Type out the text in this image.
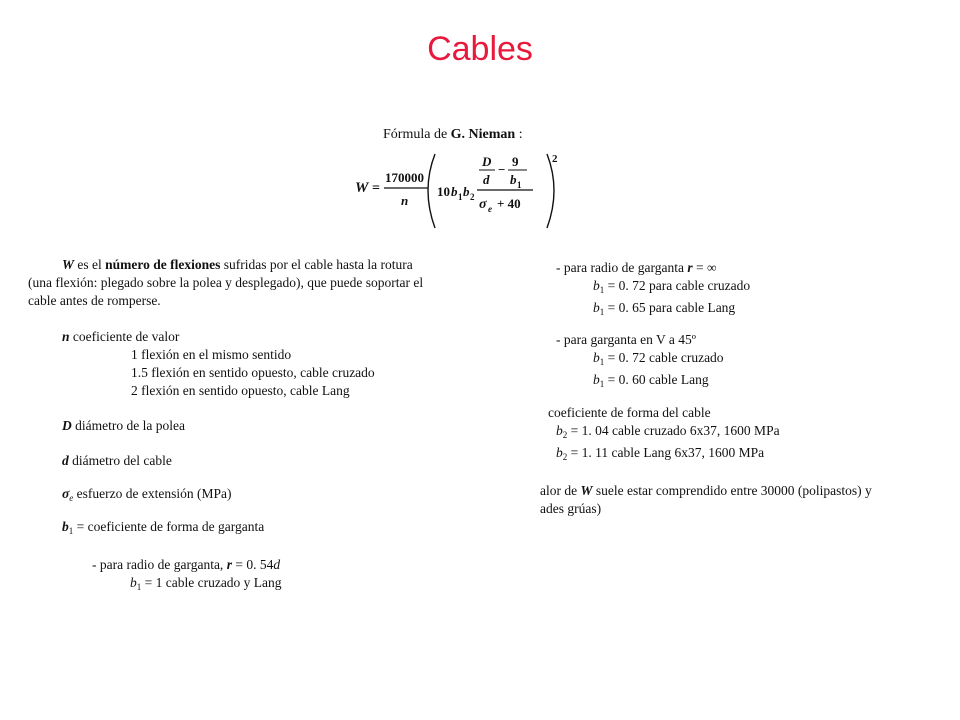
Cables
Fórmula de G. Nieman :
W =
170000
n
10 b 1 b 2
D
d
−
9
b 1
σ e + 40
2
W es el número de flexiones sufridas por el cable hasta la rotura
(una flexión: plegado sobre la polea y desplegado), que puede soportar el
cable antes de romperse.
n coeficiente de valor
1 flexión en el mismo sentido
1.5 flexión en sentido opuesto, cable cruzado
2 flexión en sentido opuesto, cable Lang
D diámetro de la polea
d diámetro del cable
$\sigma_e$ esfuerzo de extensión (MPa)
$b_1$ = coeficiente de forma de garganta
- para radio de garganta, r = 0. 54d
$b_1 = 1$ cable cruzado y Lang
- para radio de garganta r = ∞
$b_1 = 0$. 72 para cable cruzado
$b_1 = 0$. 65 para cable Lang
- para garganta en V a 45º
$b_1 = 0$. 72 cable cruzado
$b_1 = 0$. 60 cable Lang
coeficiente de forma del cable
$b_2 = 1$. 04 cable cruzado 6x37, 1600 MPa
$b_2 = 1$. 11 cable Lang 6x37, 1600 MPa
alor de W suele estar comprendido entre 30000 (polipastos) y
ades grúas)
